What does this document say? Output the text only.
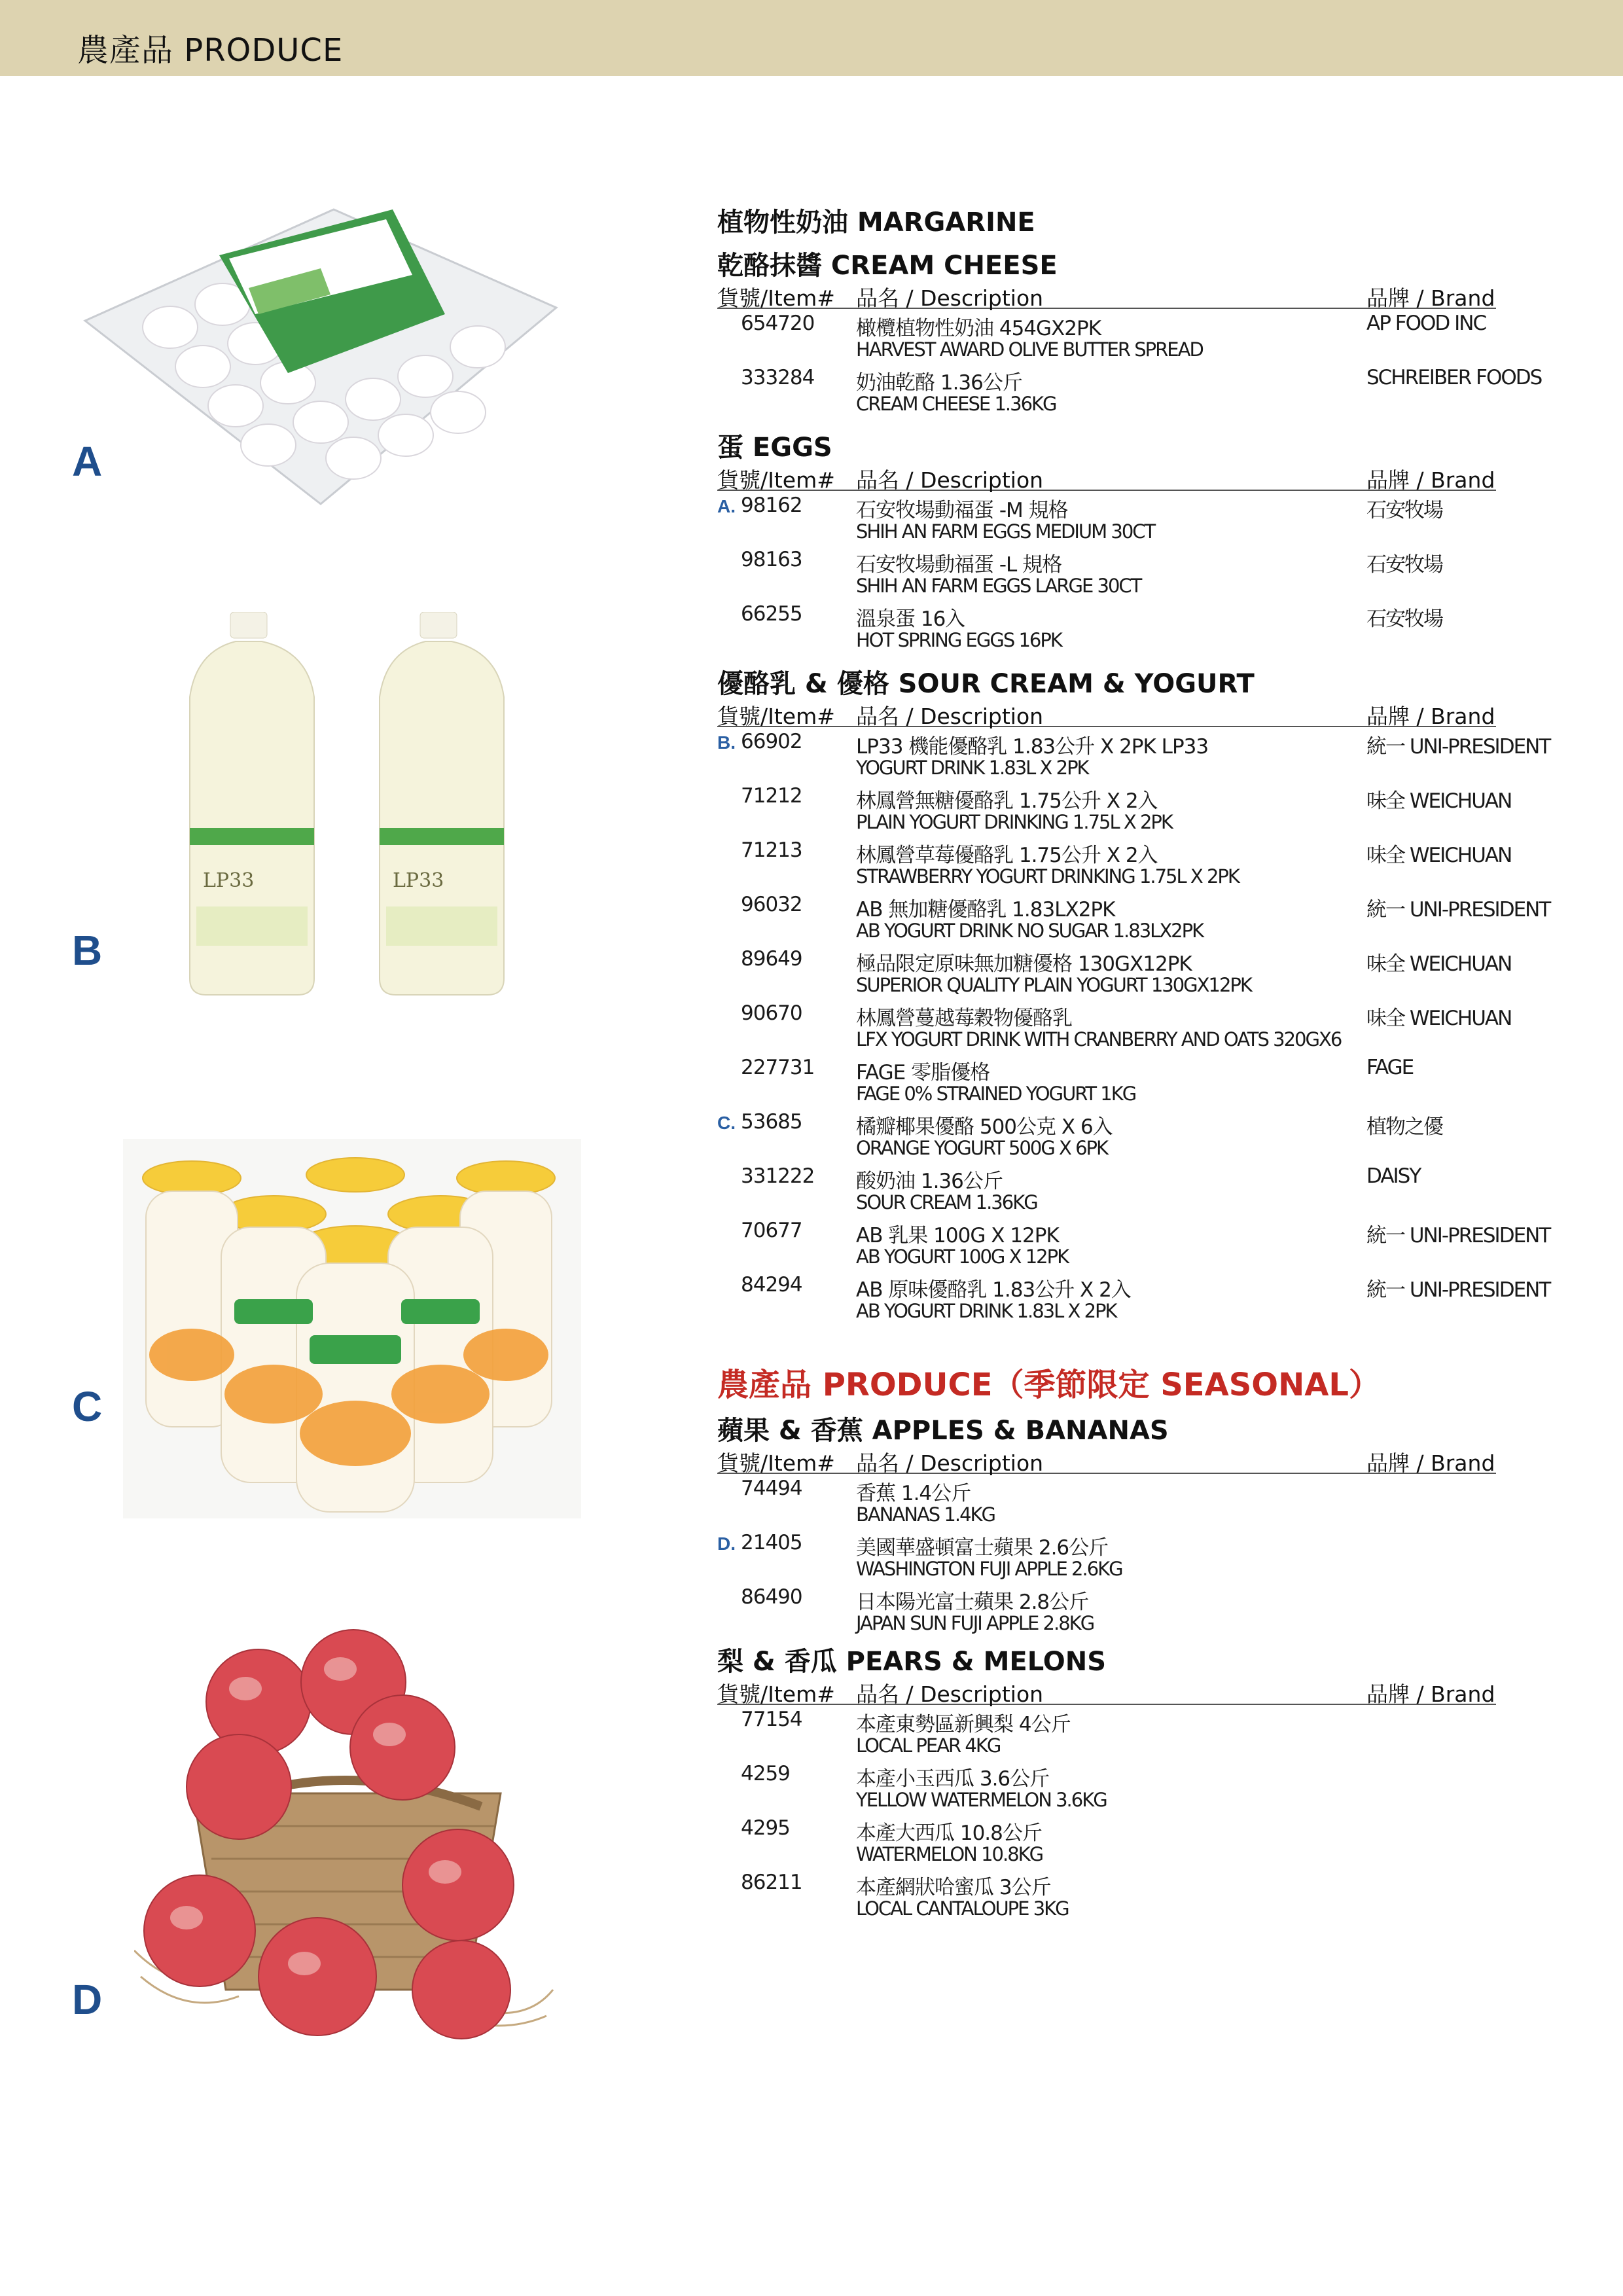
農產品 PRODUCE
A
LP33	LP33
B
C
D
植物性奶油 MARGARINE
乾酪抹醬 CREAM CHEESE
貨號/Item# 品名 / Description	品牌 / Brand
654720 橄欖植物性奶油 454GX2PK
HARVEST AWARD OLIVE BUTTER SPREAD
AP FOOD INC
333284 奶油乾酪 1.36公斤
CREAM CHEESE 1.36KG
SCHREIBER FOODS
蛋 EGGS
貨號/Item# 品名 / Description	品牌 / Brand
A. 98162	石安牧場動福蛋 -M 規格
SHIH AN FARM EGGS MEDIUM 30CT
石安牧場
98163	石安牧場動福蛋 -L 規格
SHIH AN FARM EGGS LARGE 30CT
石安牧場
66255	溫泉蛋 16入
HOT SPRING EGGS 16PK
石安牧場
優酪乳 & 優格 SOUR CREAM & YOGURT
貨號/Item# 品名 / Description	品牌 / Brand
B. 66902	LP33 機能優酪乳 1.83公升 X 2PK LP33
YOGURT DRINK 1.83L X 2PK
統一 UNI-PRESIDENT
71212	林鳳營無糖優酪乳 1.75公升 X 2入
PLAIN YOGURT DRINKING 1.75L X 2PK
味全 WEICHUAN
71213	林鳳營草莓優酪乳 1.75公升 X 2入
STRAWBERRY YOGURT DRINKING 1.75L X 2PK
味全 WEICHUAN
96032	AB 無加糖優酪乳 1.83LX2PK
AB YOGURT DRINK NO SUGAR 1.83LX2PK
統一 UNI-PRESIDENT
89649	極品限定原味無加糖優格 130GX12PK
SUPERIOR QUALITY PLAIN YOGURT 130GX12PK
味全 WEICHUAN
90670	林鳳營蔓越莓穀物優酪乳
LFX YOGURT DRINK WITH CRANBERRY AND OATS 320GX6
味全 WEICHUAN
227731 FAGE 零脂優格
FAGE 0% STRAINED YOGURT 1KG
FAGE
C. 53685	橘瓣椰果優酪 500公克 X 6入
ORANGE YOGURT 500G X 6PK
植物之優
331222 酸奶油 1.36公斤
SOUR CREAM 1.36KG
DAISY
70677	AB 乳果 100G X 12PK
AB YOGURT 100G X 12PK
統一 UNI-PRESIDENT
84294	AB 原味優酪乳 1.83公升 X 2入
AB YOGURT DRINK 1.83L X 2PK
統一 UNI-PRESIDENT
農產品 PRODUCE（季節限定 SEASONAL）
蘋果 & 香蕉 APPLES & BANANAS
貨號/Item# 品名 / Description	品牌 / Brand
74494	香蕉 1.4公斤
BANANAS 1.4KG
D. 21405	美國華盛頓富士蘋果 2.6公斤
WASHINGTON FUJI APPLE 2.6KG
86490	日本陽光富士蘋果 2.8公斤
JAPAN SUN FUJI APPLE 2.8KG
梨 & 香瓜 PEARS & MELONS
貨號/Item# 品名 / Description	品牌 / Brand
77154	本產東勢區新興梨 4公斤
LOCAL PEAR 4KG
4259	本產小玉西瓜 3.6公斤
YELLOW WATERMELON 3.6KG
4295	本產大西瓜 10.8公斤
WATERMELON 10.8KG
86211	本產網狀哈蜜瓜 3公斤
LOCAL CANTALOUPE 3KG
